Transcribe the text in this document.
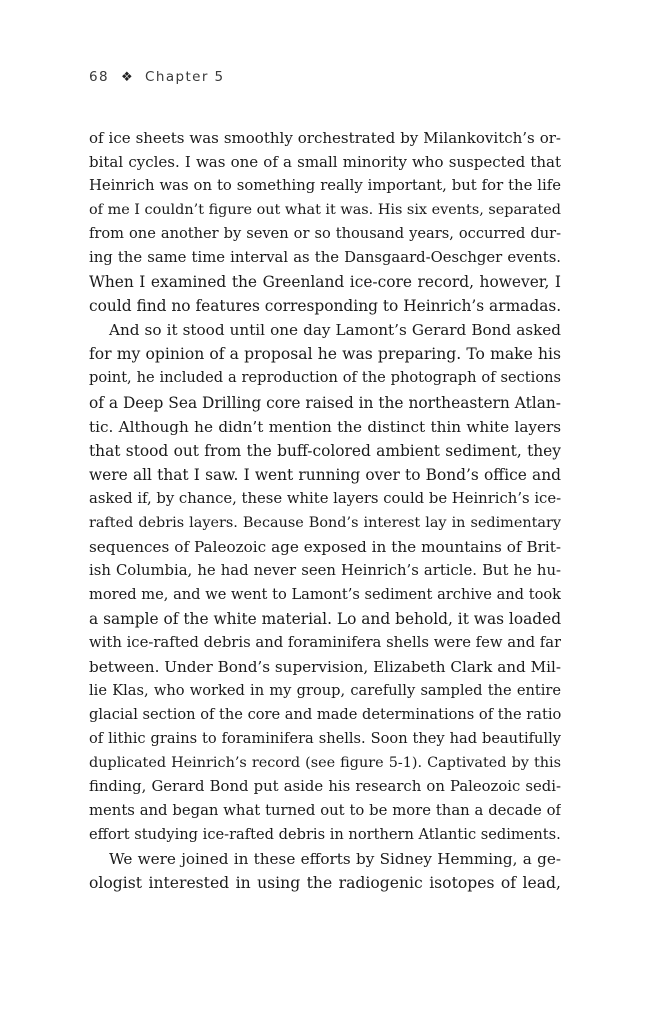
68 ❖ Chapter 5
of ice sheets was smoothly orchestrated by Milankovitch’s or-
bital cycles. I was one of a small minority who suspected that
Heinrich was on to something really important, but for the life
of me I couldn’t figure out what it was. His six events, separated
from one another by seven or so thousand years, occurred dur-
ing the same time interval as the Dansgaard-Oeschger events.
When I examined the Greenland ice-core record, however, I
could find no features corresponding to Heinrich’s armadas.
And so it stood until one day Lamont’s Gerard Bond asked
for my opinion of a proposal he was preparing. To make his
point, he included a reproduction of the photograph of sections
of a Deep Sea Drilling core raised in the northeastern Atlan-
tic. Although he didn’t mention the distinct thin white layers
that stood out from the buff-colored ambient sediment, they
were all that I saw. I went running over to Bond’s office and
asked if, by chance, these white layers could be Heinrich’s ice-
rafted debris layers. Because Bond’s interest lay in sedimentary
sequences of Paleozoic age exposed in the mountains of Brit-
ish Columbia, he had never seen Heinrich’s article. But he hu-
mored me, and we went to Lamont’s sediment archive and took
a sample of the white material. Lo and behold, it was loaded
with ice-rafted debris and foraminifera shells were few and far
between. Under Bond’s supervision, Elizabeth Clark and Mil-
lie Klas, who worked in my group, carefully sampled the entire
glacial section of the core and made determinations of the ratio
of lithic grains to foraminifera shells. Soon they had beautifully
duplicated Heinrich’s record (see figure 5-1). Captivated by this
finding, Gerard Bond put aside his research on Paleozoic sedi-
ments and began what turned out to be more than a decade of
effort studying ice-rafted debris in northern Atlantic sediments.
We were joined in these efforts by Sidney Hemming, a ge-
ologist interested in using the radiogenic isotopes of lead,
